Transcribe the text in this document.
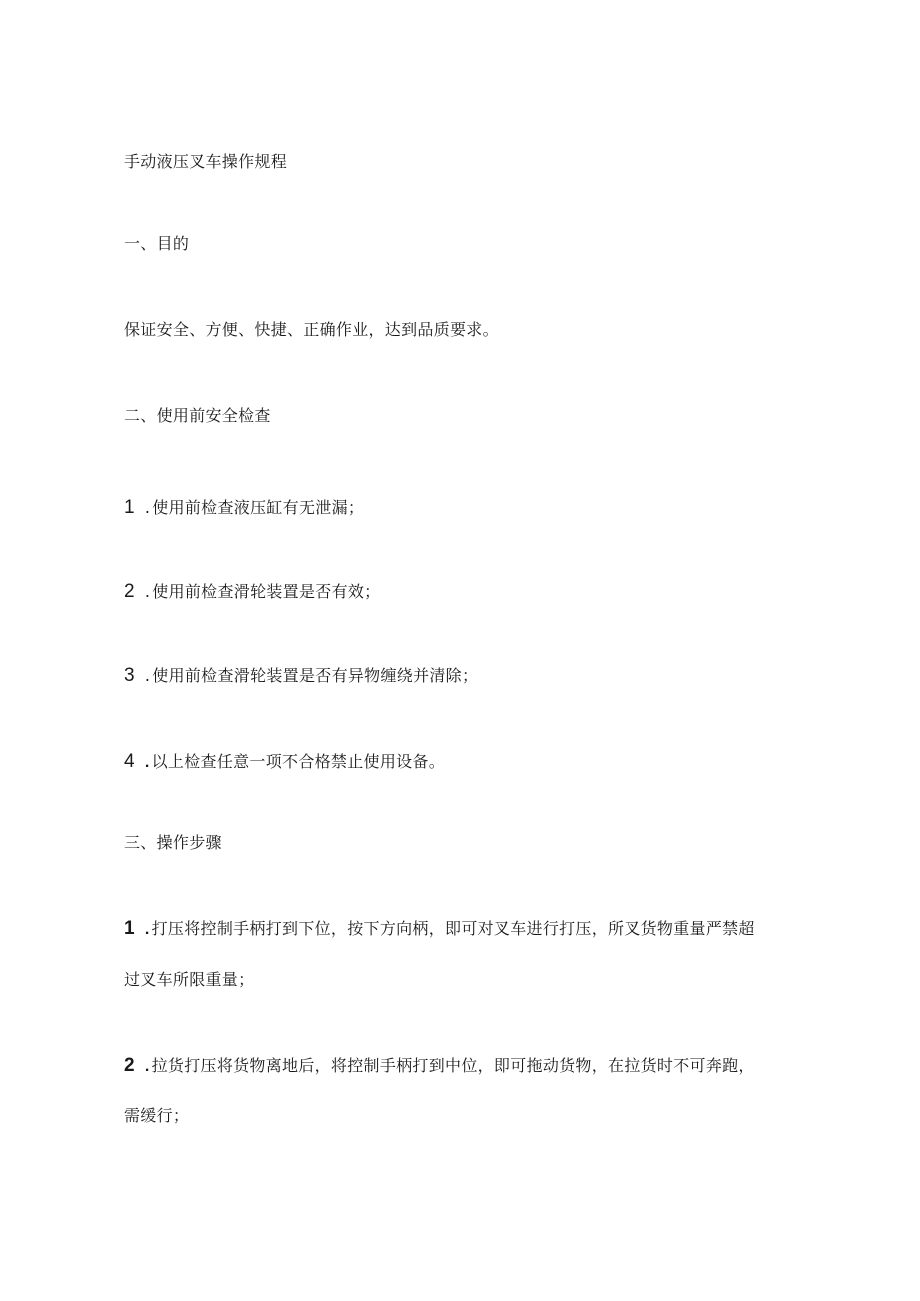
手动液压叉车操作规程
一、目的
保证安全、方便、快捷、正确作业，达到品质要求。
二、使用前安全检查
1 . 使用前检查液压缸有无泄漏；
2 . 使用前检查滑轮装置是否有效；
3 . 使用前检查滑轮装置是否有异物缠绕并清除；
4 . 以上检查任意一项不合格禁止使用设备。
三、操作步骤
1 . 打压将控制手柄打到下位，按下方向柄，即可对叉车进行打压，所叉货物重量严禁超
过叉车所限重量；
2 . 拉货打压将货物离地后，将控制手柄打到中位，即可拖动货物，在拉货时不可奔跑，
需缓行；
